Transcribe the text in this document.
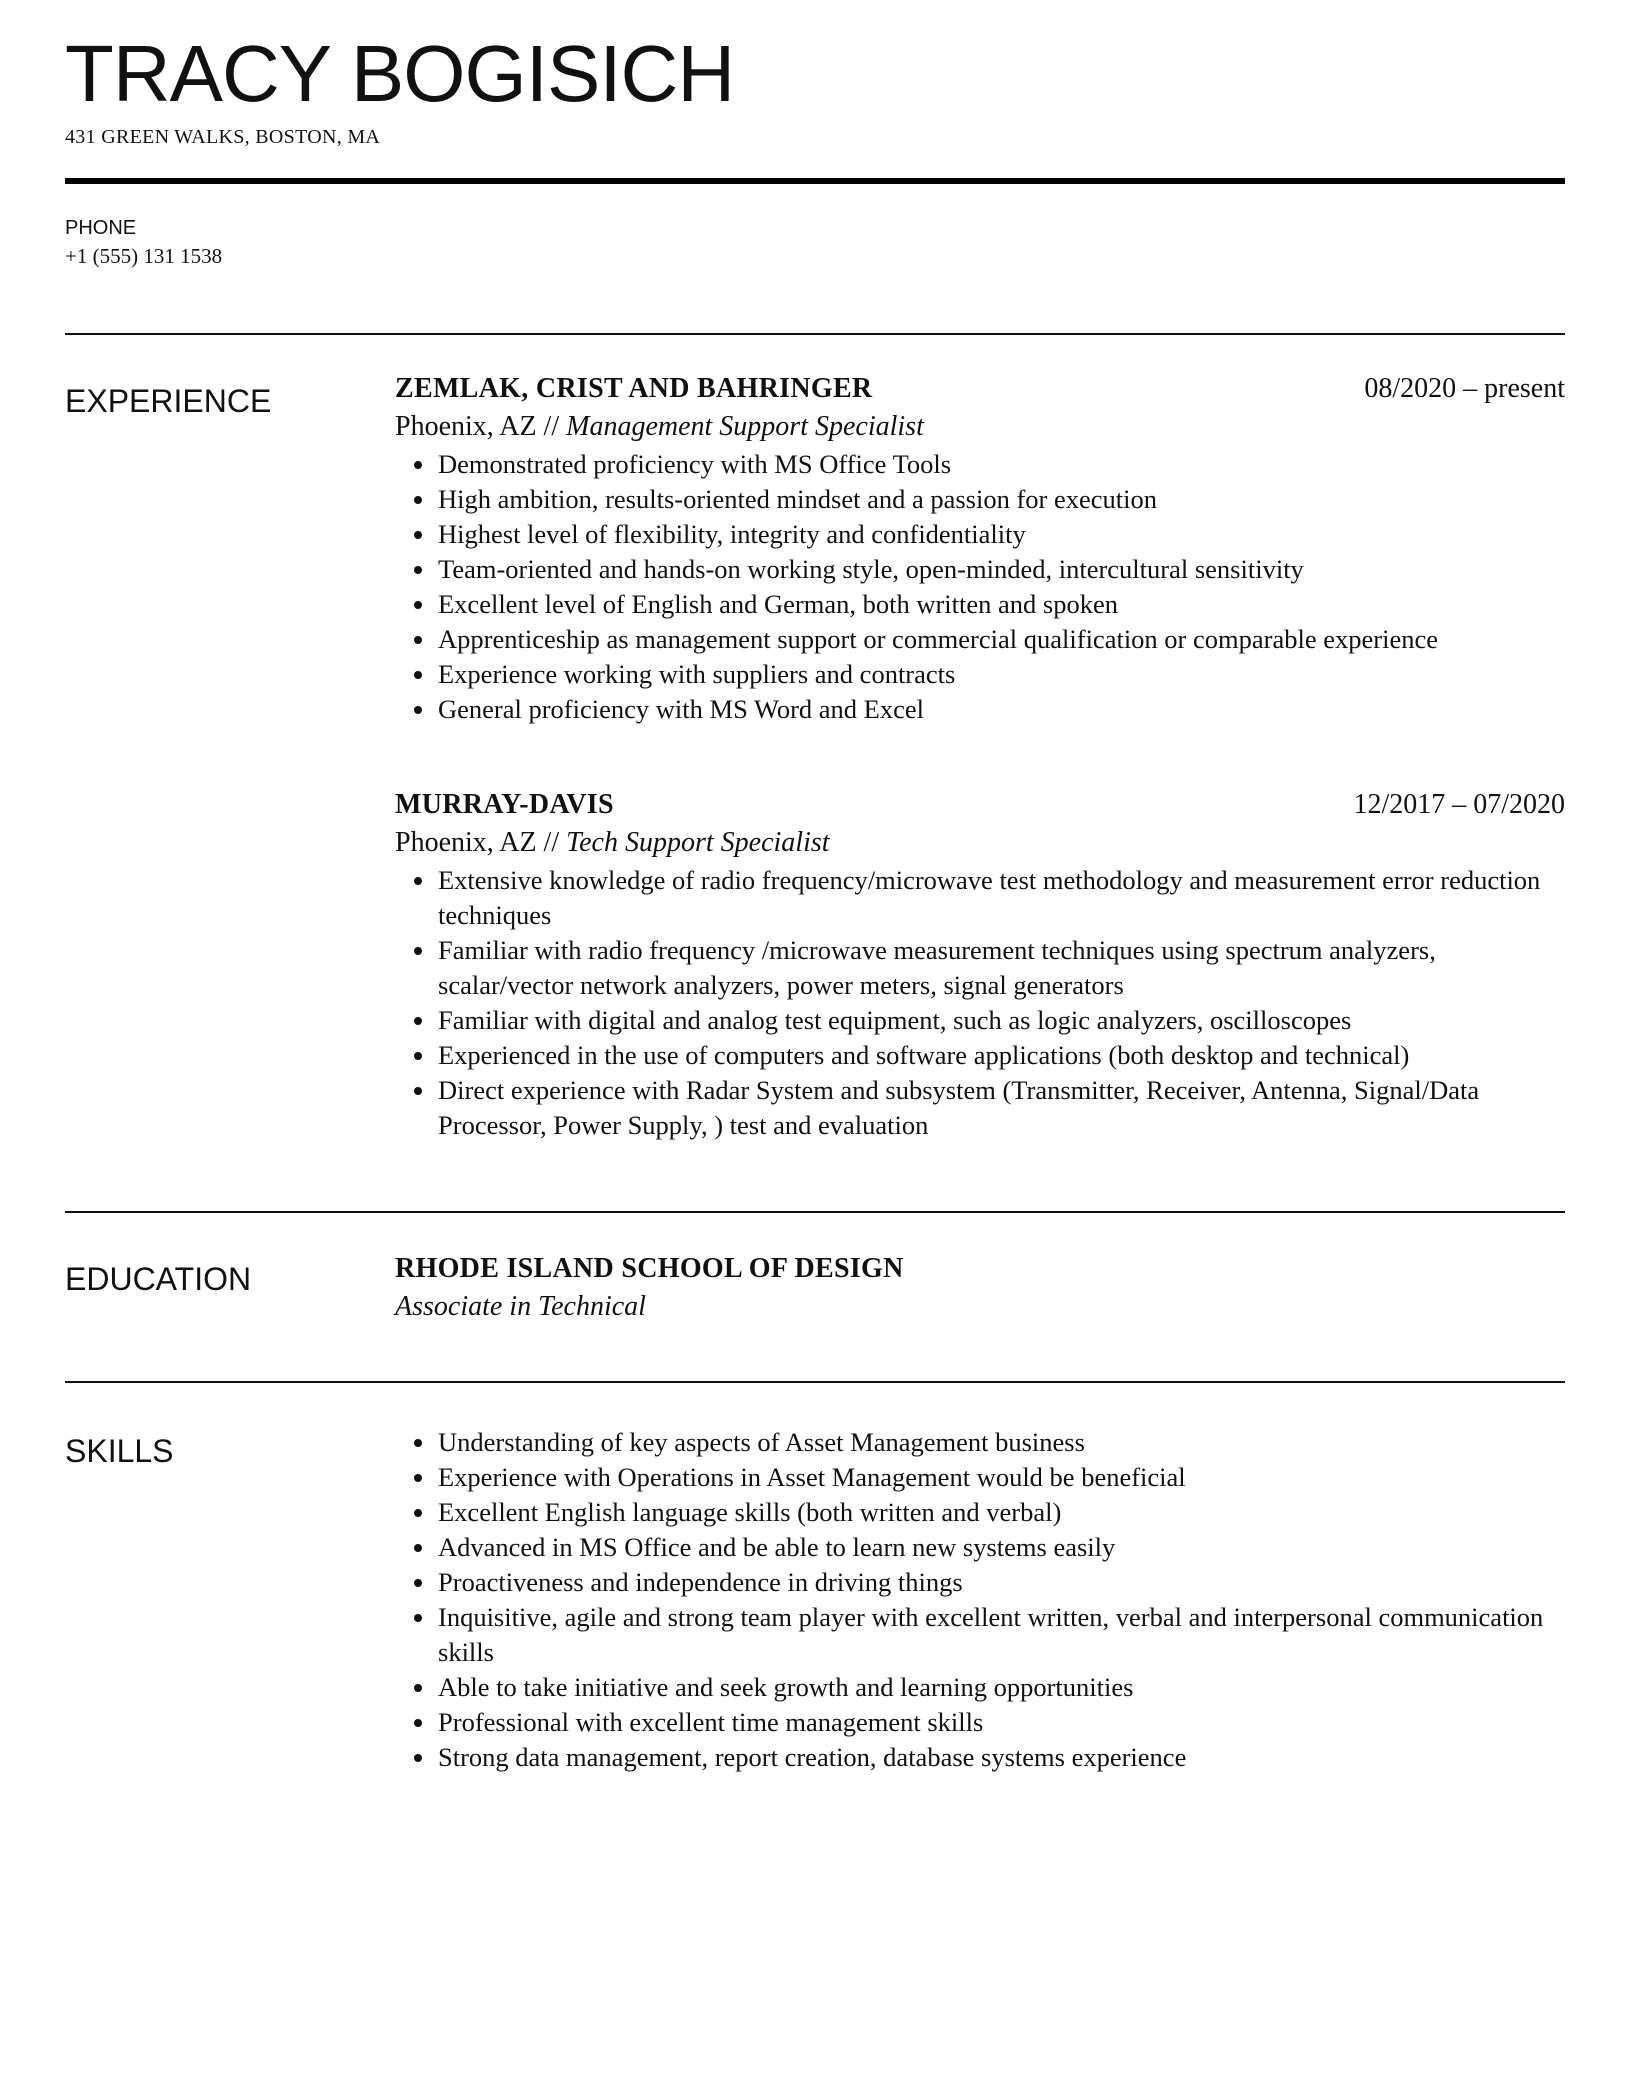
TRACY BOGISICH
431 GREEN WALKS, BOSTON, MA
PHONE
+1 (555) 131 1538
EXPERIENCE	ZEMLAK, CRIST AND BAHRINGER	08/2020 – present
Phoenix, AZ // Management Support Specialist
Demonstrated proficiency with MS Office Tools
High ambition, results-oriented mindset and a passion for execution
Highest level of flexibility, integrity and confidentiality
Team-oriented and hands-on working style, open-minded, intercultural sensitivity
Excellent level of English and German, both written and spoken
Apprenticeship as management support or commercial qualification or comparable experience
Experience working with suppliers and contracts
General proficiency with MS Word and Excel
MURRAY-DAVIS	12/2017 – 07/2020
Phoenix, AZ // Tech Support Specialist
Extensive knowledge of radio frequency/microwave test methodology and measurement error reduction techniques
Familiar with radio frequency /microwave measurement techniques using spectrum analyzers, scalar/vector network analyzers, power meters, signal generators
Familiar with digital and analog test equipment, such as logic analyzers, oscilloscopes
Experienced in the use of computers and software applications (both desktop and technical)
Direct experience with Radar System and subsystem (Transmitter, Receiver, Antenna, Signal/Data Processor, Power Supply, ) test and evaluation
EDUCATION	RHODE ISLAND SCHOOL OF DESIGN
Associate in Technical
SKILLS	Understanding of key aspects of Asset Management business
Experience with Operations in Asset Management would be beneficial
Excellent English language skills (both written and verbal)
Advanced in MS Office and be able to learn new systems easily
Proactiveness and independence in driving things
Inquisitive, agile and strong team player with excellent written, verbal and interpersonal communication skills
Able to take initiative and seek growth and learning opportunities
Professional with excellent time management skills
Strong data management, report creation, database systems experience
